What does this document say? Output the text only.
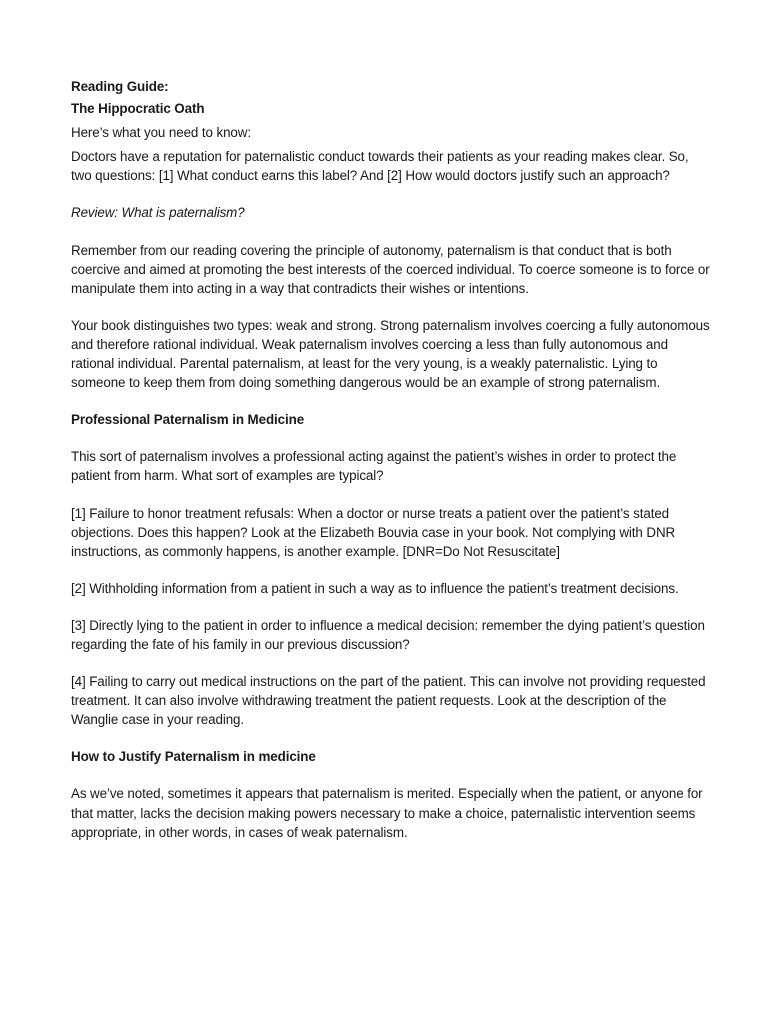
Reading Guide:

The Hippocratic Oath

Here’s what you need to know:

Doctors have a reputation for paternalistic conduct towards their patients as your reading makes clear. So, two questions: [1] What conduct earns this label? And [2] How would doctors justify such an approach?

Review: What is paternalism?

Remember from our reading covering the principle of autonomy, paternalism is that conduct that is both coercive and aimed at promoting the best interests of the coerced individual. To coerce someone is to force or manipulate them into acting in a way that contradicts their wishes or intentions.

Your book distinguishes two types: weak and strong. Strong paternalism involves coercing a fully autonomous and therefore rational individual. Weak paternalism involves coercing a less than fully autonomous and rational individual. Parental paternalism, at least for the very young, is a weakly paternalistic. Lying to someone to keep them from doing something dangerous would be an example of strong paternalism.

Professional Paternalism in Medicine

This sort of paternalism involves a professional acting against the patient’s wishes in order to protect the patient from harm. What sort of examples are typical?

[1] Failure to honor treatment refusals: When a doctor or nurse treats a patient over the patient’s stated objections. Does this happen? Look at the Elizabeth Bouvia case in your book. Not complying with DNR instructions, as commonly happens, is another example. [DNR=Do Not Resuscitate]

[2] Withholding information from a patient in such a way as to influence the patient’s treatment decisions.

[3] Directly lying to the patient in order to influence a medical decision: remember the dying patient’s question regarding the fate of his family in our previous discussion?

[4] Failing to carry out medical instructions on the part of the patient. This can involve not providing requested treatment. It can also involve withdrawing treatment the patient requests. Look at the description of the Wanglie case in your reading.

How to Justify Paternalism in medicine

As we’ve noted, sometimes it appears that paternalism is merited. Especially when the patient, or anyone for that matter, lacks the decision making powers necessary to make a choice, paternalistic intervention seems appropriate, in other words, in cases of weak paternalism.
